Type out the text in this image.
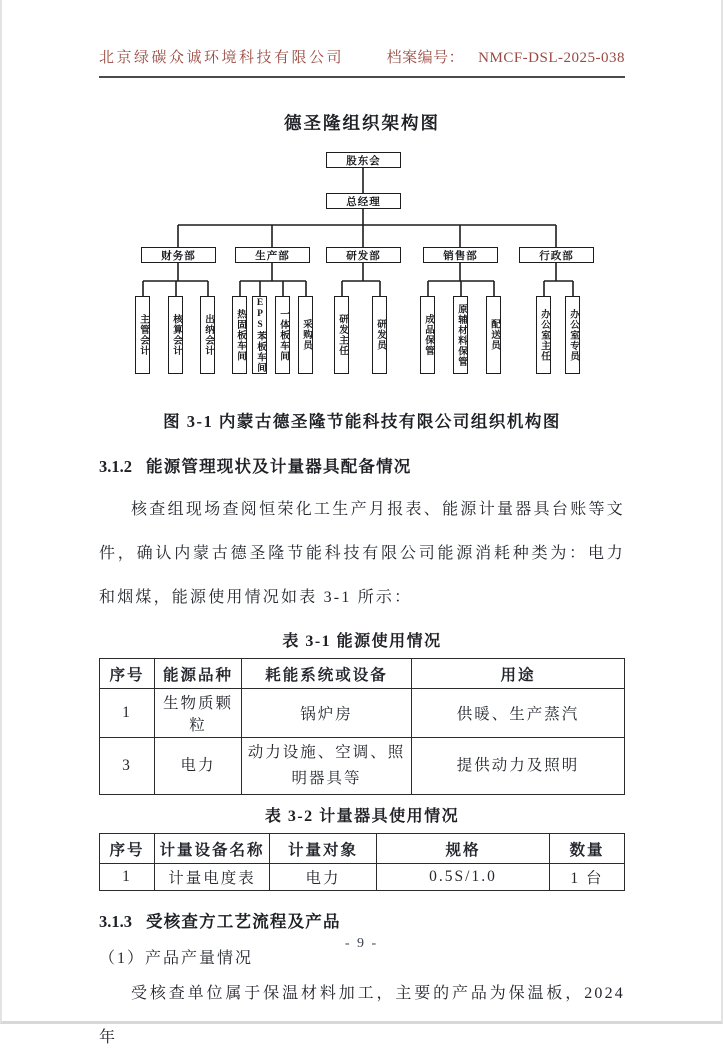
北京绿碳众诚环境科技有限公司	档案编号： NMCF-DSL-2025-038
德圣隆组织架构图
股东会
总经理
财务部	生产部	研发部	销售部	行政部
主管会计	核算会计	出纳会计	热固板车间	EPS苯板车间	一体板车间	采购员	研发主任	研发员	成品保管	原辅材料保管	配送员	办公室主任	办公室专员
图 3-1 内蒙古德圣隆节能科技有限公司组织机构图
3.1.2 能源管理现状及计量器具配备情况
核查组现场查阅恒荣化工生产月报表、能源计量器具台账等文件，确认内蒙古德圣隆节能科技有限公司能源消耗种类为：电力和烟煤，能源使用情况如表 3-1 所示：
表 3-1 能源使用情况
序号	能源品种	耗能系统或设备	用途
1	生物质颗粒	锅炉房	供暖、生产蒸汽
3	电力	动力设施、空调、照明器具等	提供动力及照明
表 3-2 计量器具使用情况
序号	计量设备名称	计量对象	规格	数量
1	计量电度表	电力	0.5S/1.0	1 台
3.1.3 受核查方工艺流程及产品
（1）产品产量情况
受核查单位属于保温材料加工，主要的产品为保温板，2024 年
- 9 -
